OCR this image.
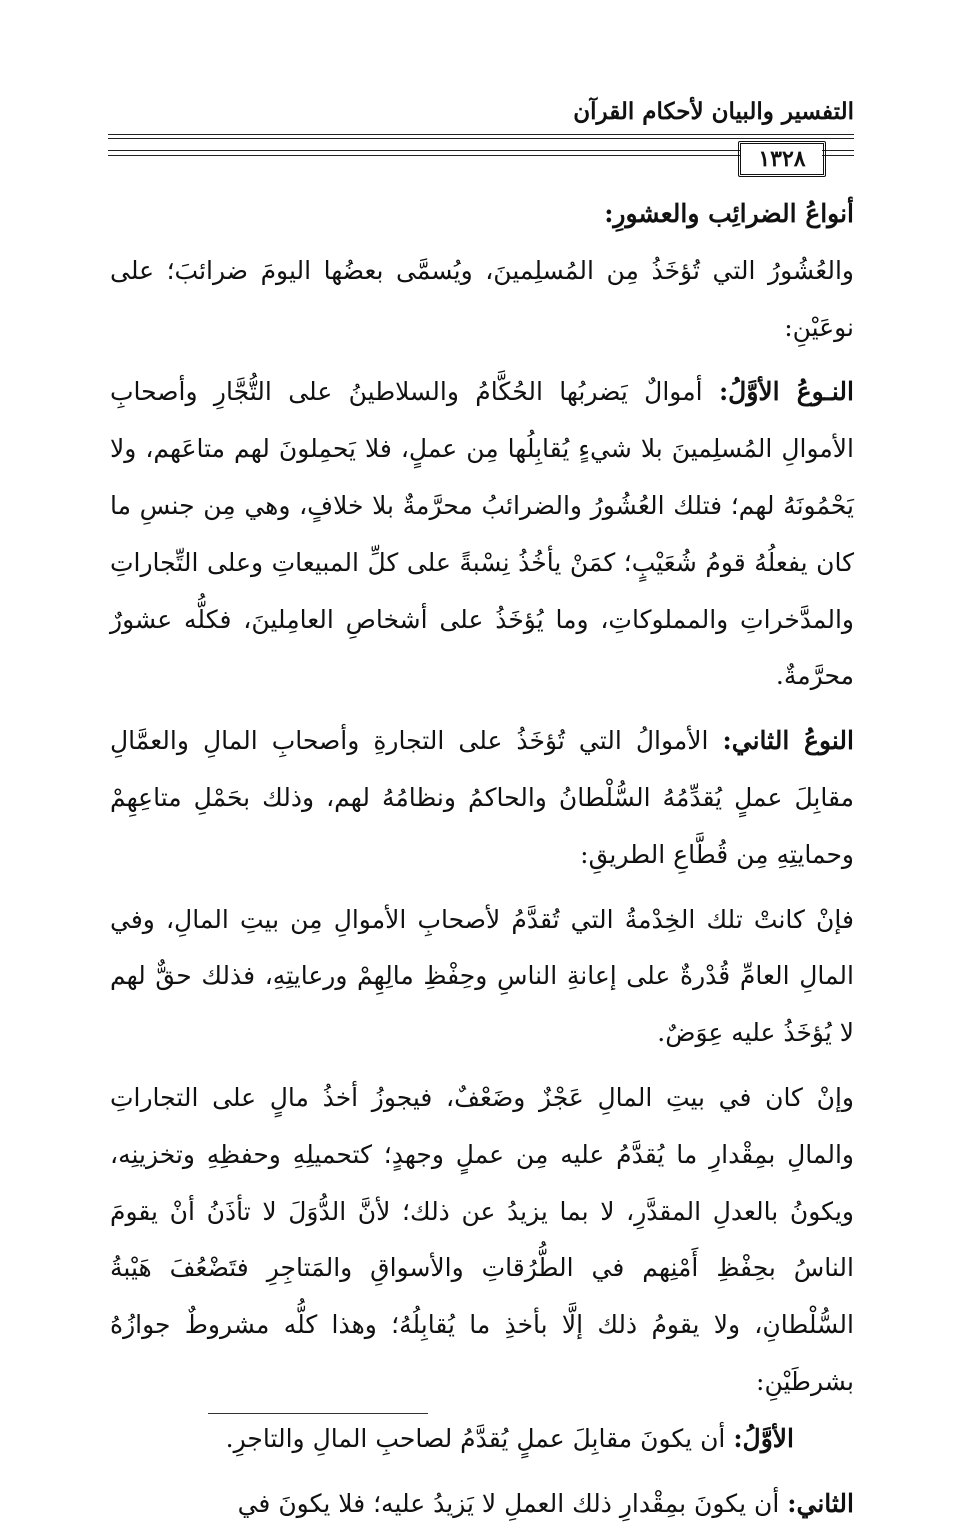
التفسير والبيان لأحكام القرآن
١٣٢٨

أنواعُ الضرائِب والعشورِ:

والعُشُورُ التي تُؤخَذُ مِن المُسلِمينَ، ويُسمَّى بعضُها اليومَ ضرائبَ؛ على نوعَيْنِ:

النـوعُ الأوَّلُ: أموالٌ يَضربُها الحُكَّامُ والسلاطينُ على التُّجَّارِ وأصحابِ الأموالِ المُسلِمينَ بلا شيءٍ يُقابِلُها مِن عملٍ، فلا يَحمِلونَ لهم متاعَهم، ولا يَحْمُونَهُ لهم؛ فتلك العُشُورُ والضرائبُ محرَّمةٌ بلا خلافٍ، وهي مِن جنسِ ما كان يفعلُهُ قومُ شُعَيْبٍ؛ كمَنْ يأخُذُ نِسْبةً على كلِّ المبيعاتِ وعلى التِّجاراتِ والمدَّخراتِ والمملوكاتِ، وما يُؤخَذُ على أشخاصِ العامِلينَ، فكلُّه عشورٌ محرَّمةٌ.

النوعُ الثاني: الأموالُ التي تُؤخَذُ على التجارةِ وأصحابِ المالِ والعمَّالِ مقابِلَ عملٍ يُقدِّمُهُ السُّلْطانُ والحاكمُ ونظامُهُ لهم، وذلك بحَمْلِ متاعِهِمْ وحمايتِهِ مِن قُطَّاعِ الطريقِ:

فإنْ كانتْ تلك الخِدْمةُ التي تُقدَّمُ لأصحابِ الأموالِ مِن بيتِ المالِ، وفي المالِ العامِّ قُدْرةٌ على إعانةِ الناسِ وحِفْظِ مالِهِمْ ورعايتِهِ، فذلك حقٌّ لهم لا يُؤخَذُ عليه عِوَضٌ.

وإنْ كان في بيتِ المالِ عَجْزٌ وضَعْفٌ، فيجوزُ أخذُ مالٍ على التجاراتِ والمالِ بمِقْدارِ ما يُقدَّمُ عليه مِن عملٍ وجهدٍ؛ كتحميلِهِ وحفظِهِ وتخزينِه، ويكونُ بالعدلِ المقدَّرِ، لا بما يزيدُ عن ذلك؛ لأنَّ الدُّوَلَ لا تأذَنُ أنْ يقومَ الناسُ بحِفْظِ أَمْنِهم في الطُّرُقاتِ والأسواقِ والمَتاجِرِ فتَضْعُفَ هَيْبةُ السُّلْطانِ، ولا يقومُ ذلك إلَّا بأخذِ ما يُقابِلُهُ؛ وهذا كلُّه مشروطٌ جوازُهُ بشرطَيْنِ:

الأوَّلُ: أن يكونَ مقابِلَ عملٍ يُقدَّمُ لصاحبِ المالِ والتاجرِ.

الثاني: أن يكونَ بمِقْدارِ ذلك العملِ لا يَزيدُ عليه؛ فلا يكونَ في
